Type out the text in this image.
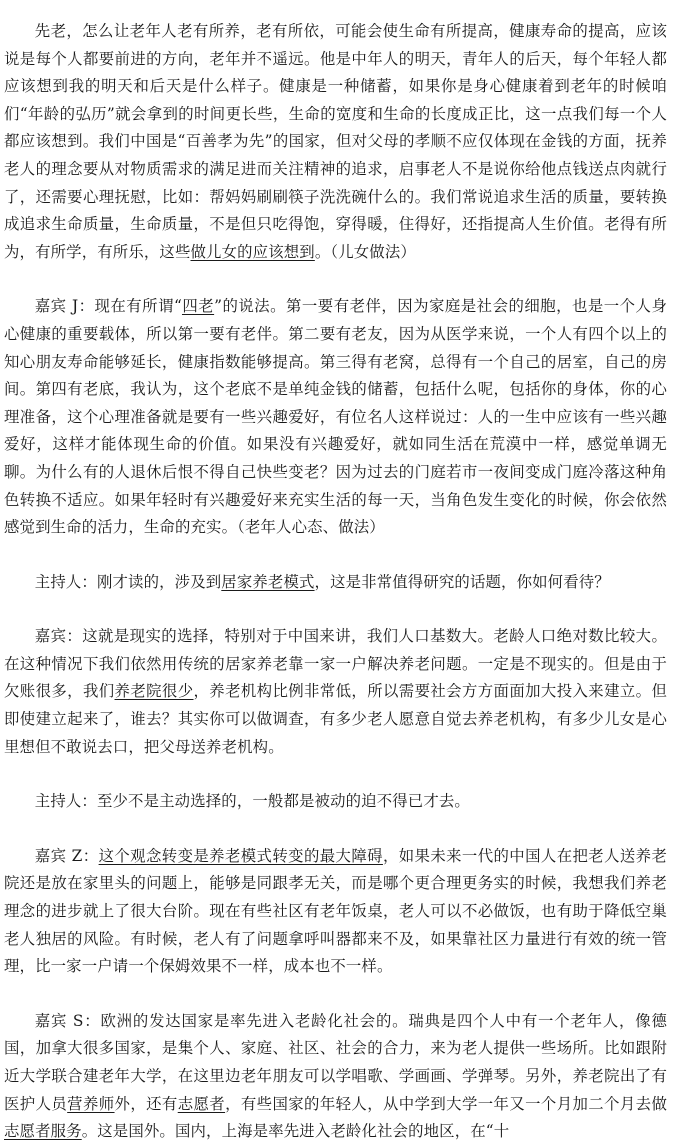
先老，怎么让老年人老有所养，老有所依，可能会使生命有所提高，健康寿命的提高，应该说是每个人都要前进的方向，老年并不遥远。他是中年人的明天，青年人的后天，每个年轻人都应该想到我的明天和后天是什么样子。健康是一种储蓄，如果你是身心健康着到老年的时候咱们“年龄的弘历”就会拿到的时间更长些，生命的宽度和生命的长度成正比，这一点我们每一个人都应该想到。我们中国是“百善孝为先”的国家，但对父母的孝顺不应仅体现在金钱的方面，抚养老人的理念要从对物质需求的满足进而关注精神的追求，启事老人不是说你给他点钱送点肉就行了，还需要心理抚慰，比如：帮妈妈刷刷筷子洗洗碗什么的。我们常说追求生活的质量，要转换成追求生命质量，生命质量，不是但只吃得饱，穿得暖，住得好，还指提高人生价值。老得有所为，有所学，有所乐，这些做儿女的应该想到。（儿女做法）

嘉宾 J：现在有所谓“四老”的说法。第一要有老伴，因为家庭是社会的细胞，也是一个人身心健康的重要载体，所以第一要有老伴。第二要有老友，因为从医学来说，一个人有四个以上的知心朋友寿命能够延长，健康指数能够提高。第三得有老窝，总得有一个自己的居室，自己的房间。第四有老底，我认为，这个老底不是单纯金钱的储蓄，包括什么呢，包括你的身体，你的心理准备，这个心理准备就是要有一些兴趣爱好，有位名人这样说过：人的一生中应该有一些兴趣爱好，这样才能体现生命的价值。如果没有兴趣爱好，就如同生活在荒漠中一样，感觉单调无聊。为什么有的人退休后恨不得自己快些变老？因为过去的门庭若市一夜间变成门庭冷落这种角色转换不适应。如果年轻时有兴趣爱好来充实生活的每一天，当角色发生变化的时候，你会依然感觉到生命的活力，生命的充实。（老年人心态、做法）

主持人：刚才读的，涉及到居家养老模式，这是非常值得研究的话题，你如何看待？

嘉宾：这就是现实的选择，特别对于中国来讲，我们人口基数大。老龄人口绝对数比较大。在这种情况下我们依然用传统的居家养老靠一家一户解决养老问题。一定是不现实的。但是由于欠账很多，我们养老院很少，养老机构比例非常低，所以需要社会方方面面加大投入来建立。但即使建立起来了，谁去？其实你可以做调查，有多少老人愿意自觉去养老机构，有多少儿女是心里想但不敢说去口，把父母送养老机构。

主持人：至少不是主动选择的，一般都是被动的迫不得已才去。

嘉宾 Z：这个观念转变是养老模式转变的最大障碍，如果未来一代的中国人在把老人送养老院还是放在家里头的问题上，能够是同跟孝无关，而是哪个更合理更务实的时候，我想我们养老理念的进步就上了很大台阶。现在有些社区有老年饭桌，老人可以不必做饭，也有助于降低空巢老人独居的风险。有时候，老人有了问题拿呼叫器都来不及，如果靠社区力量进行有效的统一管理，比一家一户请一个保姆效果不一样，成本也不一样。

嘉宾 S：欧洲的发达国家是率先进入老龄化社会的。瑞典是四个人中有一个老年人，像德国，加拿大很多国家，是集个人、家庭、社区、社会的合力，来为老人提供一些场所。比如跟附近大学联合建老年大学，在这里边老年朋友可以学唱歌、学画画、学弹琴。另外，养老院出了有医护人员营养师外，还有志愿者，有些国家的年轻人，从中学到大学一年又一个月加二个月去做志愿者服务。这是国外。国内，上海是率先进入老龄化社会的地区，在“十
